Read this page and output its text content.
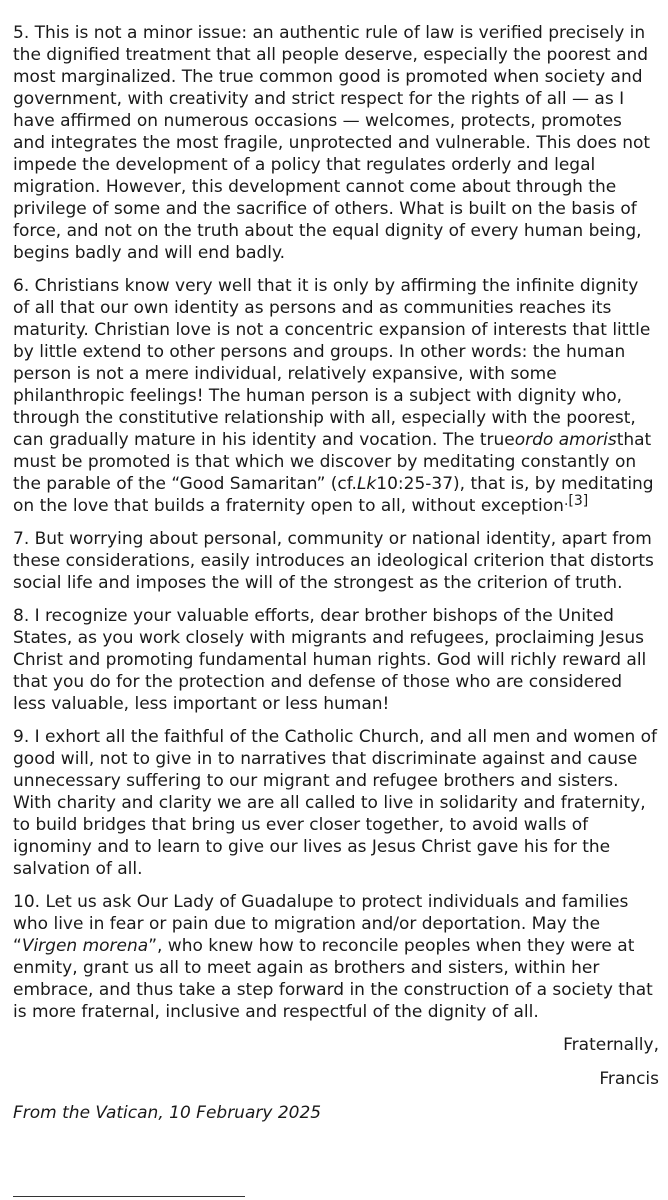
5. This is not a minor issue: an authentic rule of law is verified precisely in the dignified treatment that all people deserve, especially the poorest and most marginalized. The true common good is promoted when society and government, with creativity and strict respect for the rights of all — as I have affirmed on numerous occasions — welcomes, protects, promotes and integrates the most fragile, unprotected and vulnerable. This does not impede the development of a policy that regulates orderly and legal migration. However, this development cannot come about through the privilege of some and the sacrifice of others. What is built on the basis of force, and not on the truth about the equal dignity of every human being, begins badly and will end badly.

6. Christians know very well that it is only by affirming the infinite dignity of all that our own identity as persons and as communities reaches its maturity. Christian love is not a concentric expansion of interests that little by little extend to other persons and groups. In other words: the human person is not a mere individual, relatively expansive, with some philanthropic feelings! The human person is a subject with dignity who, through the constitutive relationship with all, especially with the poorest, can gradually mature in his identity and vocation. The trueordo amoristhat must be promoted is that which we discover by meditating constantly on the parable of the “Good Samaritan” (cf.Lk10:25-37), that is, by meditating on the love that builds a fraternity open to all, without exception$^{.[3]}$

7. But worrying about personal, community or national identity, apart from these considerations, easily introduces an ideological criterion that distorts social life and imposes the will of the strongest as the criterion of truth.

8. I recognize your valuable efforts, dear brother bishops of the United States, as you work closely with migrants and refugees, proclaiming Jesus Christ and promoting fundamental human rights. God will richly reward all that you do for the protection and defense of those who are considered less valuable, less important or less human!

9. I exhort all the faithful of the Catholic Church, and all men and women of good will, not to give in to narratives that discriminate against and cause unnecessary suffering to our migrant and refugee brothers and sisters. With charity and clarity we are all called to live in solidarity and fraternity, to build bridges that bring us ever closer together, to avoid walls of ignominy and to learn to give our lives as Jesus Christ gave his for the salvation of all.

10. Let us ask Our Lady of Guadalupe to protect individuals and families who live in fear or pain due to migration and/or deportation. May the “Virgen morena”, who knew how to reconcile peoples when they were at enmity, grant us all to meet again as brothers and sisters, within her embrace, and thus take a step forward in the construction of a society that is more fraternal, inclusive and respectful of the dignity of all.

Fraternally,

Francis

From the Vatican, 10 February 2025
